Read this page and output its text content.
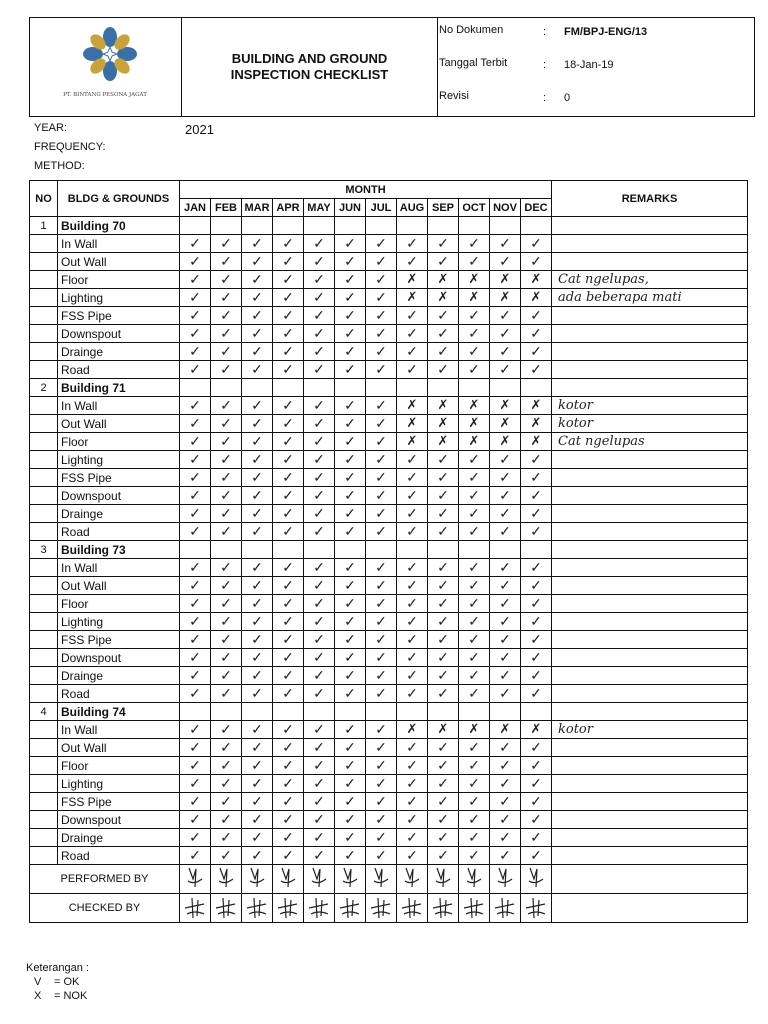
PT. BINTANG PESONA JAGAT
BUILDING AND GROUND
INSPECTION CHECKLIST
No Dokumen	: FM/BPJ-ENG/13
Tanggal Terbit	: 18-Jan-19
Revisi	: 0
YEAR:	2021
FREQUENCY:
METHOD:
NO	BLDG & GROUNDS	MONTH												REMARKS
		JAN	FEB	MAR	APR	MAY	JUN	JUL	AUG	SEP	OCT	NOV	DEC	
1	Building 70													
	In Wall	✓	✓	✓	✓	✓	✓	✓	✓	✓	✓	✓	✓	
	Out Wall	✓	✓	✓	✓	✓	✓	✓	✓	✓	✓	✓	✓	
	Floor	✓	✓	✓	✓	✓	✓	✓	✗	✗	✗	✗	✗	Cat ngelupas,
	Lighting	✓	✓	✓	✓	✓	✓	✓	✗	✗	✗	✗	✗	ada beberapa mati
	FSS Pipe	✓	✓	✓	✓	✓	✓	✓	✓	✓	✓	✓	✓	
	Downspout	✓	✓	✓	✓	✓	✓	✓	✓	✓	✓	✓	✓	
	Drainge	✓	✓	✓	✓	✓	✓	✓	✓	✓	✓	✓	✓	
	Road	✓	✓	✓	✓	✓	✓	✓	✓	✓	✓	✓	✓	
2	Building 71													
	In Wall	✓	✓	✓	✓	✓	✓	✓	✗	✗	✗	✗	✗	kotor
	Out Wall	✓	✓	✓	✓	✓	✓	✓	✗	✗	✗	✗	✗	kotor
	Floor	✓	✓	✓	✓	✓	✓	✓	✗	✗	✗	✗	✗	Cat ngelupas
	Lighting	✓	✓	✓	✓	✓	✓	✓	✓	✓	✓	✓	✓	
	FSS Pipe	✓	✓	✓	✓	✓	✓	✓	✓	✓	✓	✓	✓	
	Downspout	✓	✓	✓	✓	✓	✓	✓	✓	✓	✓	✓	✓	
	Drainge	✓	✓	✓	✓	✓	✓	✓	✓	✓	✓	✓	✓	
	Road	✓	✓	✓	✓	✓	✓	✓	✓	✓	✓	✓	✓	
3	Building 73													
	In Wall	✓	✓	✓	✓	✓	✓	✓	✓	✓	✓	✓	✓	
	Out Wall	✓	✓	✓	✓	✓	✓	✓	✓	✓	✓	✓	✓	
	Floor	✓	✓	✓	✓	✓	✓	✓	✓	✓	✓	✓	✓	
	Lighting	✓	✓	✓	✓	✓	✓	✓	✓	✓	✓	✓	✓	
	FSS Pipe	✓	✓	✓	✓	✓	✓	✓	✓	✓	✓	✓	✓	
	Downspout	✓	✓	✓	✓	✓	✓	✓	✓	✓	✓	✓	✓	
	Drainge	✓	✓	✓	✓	✓	✓	✓	✓	✓	✓	✓	✓	
	Road	✓	✓	✓	✓	✓	✓	✓	✓	✓	✓	✓	✓	
4	Building 74													
	In Wall	✓	✓	✓	✓	✓	✓	✓	✗	✗	✗	✗	✗	kotor
	Out Wall	✓	✓	✓	✓	✓	✓	✓	✓	✓	✓	✓	✓	
	Floor	✓	✓	✓	✓	✓	✓	✓	✓	✓	✓	✓	✓	
	Lighting	✓	✓	✓	✓	✓	✓	✓	✓	✓	✓	✓	✓	
	FSS Pipe	✓	✓	✓	✓	✓	✓	✓	✓	✓	✓	✓	✓	
	Downspout	✓	✓	✓	✓	✓	✓	✓	✓	✓	✓	✓	✓	
	Drainge	✓	✓	✓	✓	✓	✓	✓	✓	✓	✓	✓	✓	
	Road	✓	✓	✓	✓	✓	✓	✓	✓	✓	✓	✓	✓	
PERFORMED BY													
CHECKED BY													
Keterangan :
V = OK
X = NOK
